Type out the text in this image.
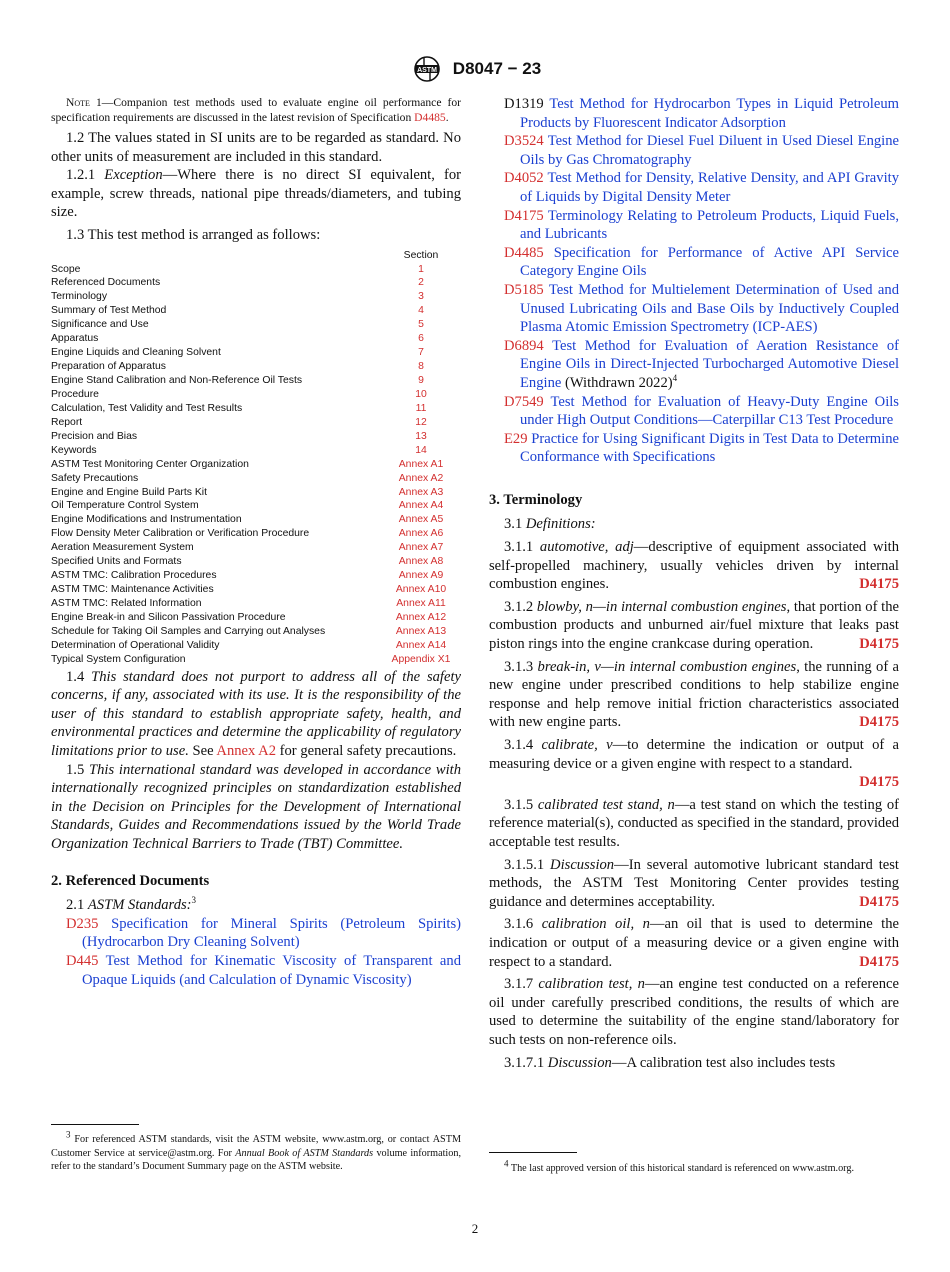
ASTM D8047 − 23

Note 1—Companion test methods used to evaluate engine oil performance for specification requirements are discussed in the latest revision of Specification D4485.

1.2 The values stated in SI units are to be regarded as standard. No other units of measurement are included in this standard.

1.2.1 Exception—Where there is no direct SI equivalent, for example, screw threads, national pipe threads/diameters, and tubing size.

1.3 This test method is arranged as follows:

Section
Scope	1
Referenced Documents	2
Terminology	3
Summary of Test Method	4
Significance and Use	5
Apparatus	6
Engine Liquids and Cleaning Solvent	7
Preparation of Apparatus	8
Engine Stand Calibration and Non-Reference Oil Tests	9
Procedure	10
Calculation, Test Validity and Test Results	11
Report	12
Precision and Bias	13
Keywords	14
ASTM Test Monitoring Center Organization	Annex A1
Safety Precautions	Annex A2
Engine and Engine Build Parts Kit	Annex A3
Oil Temperature Control System	Annex A4
Engine Modifications and Instrumentation	Annex A5
Flow Density Meter Calibration or Verification Procedure	Annex A6
Aeration Measurement System	Annex A7
Specified Units and Formats	Annex A8
ASTM TMC: Calibration Procedures	Annex A9
ASTM TMC: Maintenance Activities	Annex A10
ASTM TMC: Related Information	Annex A11
Engine Break-in and Silicon Passivation Procedure	Annex A12
Schedule for Taking Oil Samples and Carrying out Analyses	Annex A13
Determination of Operational Validity	Annex A14
Typical System Configuration	Appendix X1

1.4 This standard does not purport to address all of the safety concerns, if any, associated with its use. It is the responsibility of the user of this standard to establish appropriate safety, health, and environmental practices and determine the applicability of regulatory limitations prior to use. See Annex A2 for general safety precautions.

1.5 This international standard was developed in accordance with internationally recognized principles on standardization established in the Decision on Principles for the Development of International Standards, Guides and Recommendations issued by the World Trade Organization Technical Barriers to Trade (TBT) Committee.

2. Referenced Documents

2.1 ASTM Standards:$^3$

D235 Specification for Mineral Spirits (Petroleum Spirits) (Hydrocarbon Dry Cleaning Solvent)

D445 Test Method for Kinematic Viscosity of Transparent and Opaque Liquids (and Calculation of Dynamic Viscosity)

$^3$ For referenced ASTM standards, visit the ASTM website, www.astm.org, or contact ASTM Customer Service at service@astm.org. For Annual Book of ASTM Standards volume information, refer to the standard’s Document Summary page on the ASTM website.

D1319 Test Method for Hydrocarbon Types in Liquid Petroleum Products by Fluorescent Indicator Adsorption

D3524 Test Method for Diesel Fuel Diluent in Used Diesel Engine Oils by Gas Chromatography

D4052 Test Method for Density, Relative Density, and API Gravity of Liquids by Digital Density Meter

D4175 Terminology Relating to Petroleum Products, Liquid Fuels, and Lubricants

D4485 Specification for Performance of Active API Service Category Engine Oils

D5185 Test Method for Multielement Determination of Used and Unused Lubricating Oils and Base Oils by Inductively Coupled Plasma Atomic Emission Spectrometry (ICP-AES)

D6894 Test Method for Evaluation of Aeration Resistance of Engine Oils in Direct-Injected Turbocharged Automotive Diesel Engine (Withdrawn 2022)$^4$

D7549 Test Method for Evaluation of Heavy-Duty Engine Oils under High Output Conditions—Caterpillar C13 Test Procedure

E29 Practice for Using Significant Digits in Test Data to Determine Conformance with Specifications

3. Terminology

3.1 Definitions:

3.1.1 automotive, adj—descriptive of equipment associated with self-propelled machinery, usually vehicles driven by internal combustion engines.	D4175

3.1.2 blowby, n—in internal combustion engines, that portion of the combustion products and unburned air/fuel mixture that leaks past piston rings into the engine crankcase during operation.	D4175

3.1.3 break-in, v—in internal combustion engines, the running of a new engine under prescribed conditions to help stabilize engine response and help remove initial friction characteristics associated with new engine parts.	D4175

3.1.4 calibrate, v—to determine the indication or output of a measuring device or a given engine with respect to a standard.
D4175

3.1.5 calibrated test stand, n—a test stand on which the testing of reference material(s), conducted as specified in the standard, provided acceptable test results.

3.1.5.1 Discussion—In several automotive lubricant standard test methods, the ASTM Test Monitoring Center provides testing guidance and determines acceptability.	D4175

3.1.6 calibration oil, n—an oil that is used to determine the indication or output of a measuring device or a given engine with respect to a standard.	D4175

3.1.7 calibration test, n—an engine test conducted on a reference oil under carefully prescribed conditions, the results of which are used to determine the suitability of the engine stand/laboratory for such tests on non-reference oils.

3.1.7.1 Discussion—A calibration test also includes tests

$^4$ The last approved version of this historical standard is referenced on www.astm.org.
2
